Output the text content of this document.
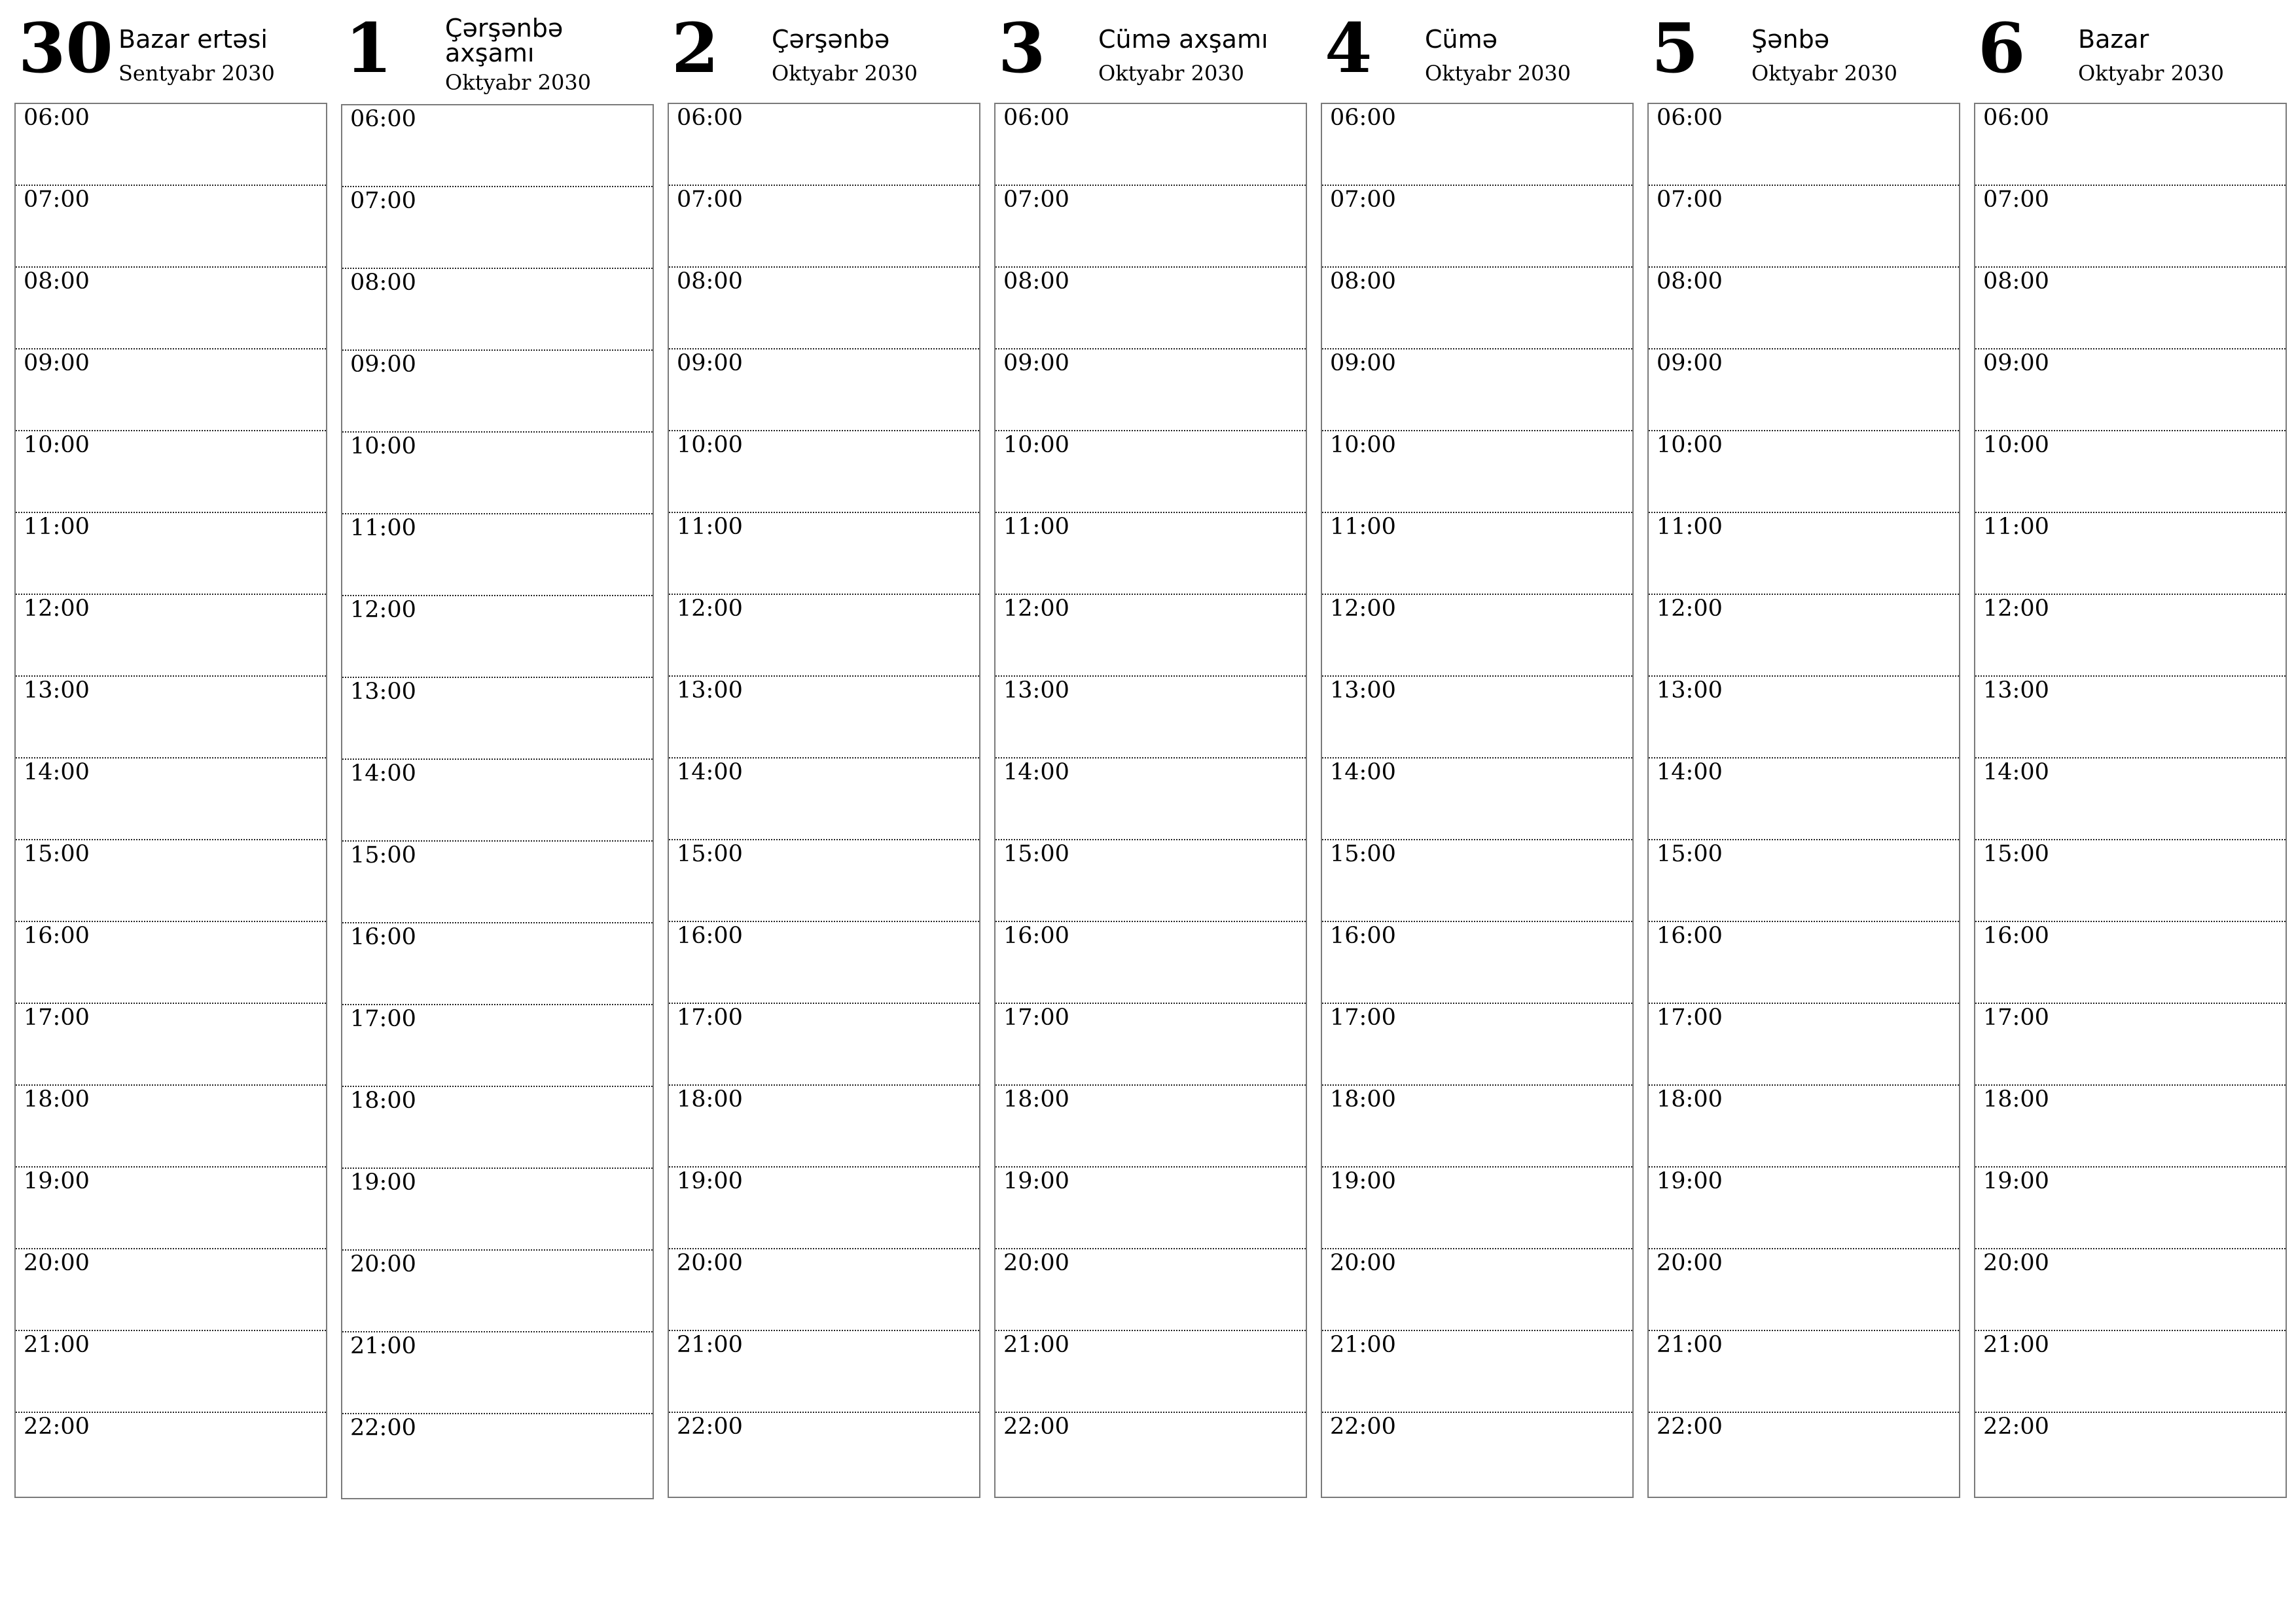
30 Bazar ertəsi
Sentyabr 2030
06:00
07:00
08:00
09:00
10:00
11:00
12:00
13:00
14:00
15:00
16:00
17:00
18:00
19:00
20:00
21:00
22:00
1 Çərşənbə axşamı
Oktyabr 2030
06:00
07:00
08:00
09:00
10:00
11:00
12:00
13:00
14:00
15:00
16:00
17:00
18:00
19:00
20:00
21:00
22:00
2 Çərşənbə
Oktyabr 2030
06:00
07:00
08:00
09:00
10:00
11:00
12:00
13:00
14:00
15:00
16:00
17:00
18:00
19:00
20:00
21:00
22:00
3 Cümə axşamı
Oktyabr 2030
06:00
07:00
08:00
09:00
10:00
11:00
12:00
13:00
14:00
15:00
16:00
17:00
18:00
19:00
20:00
21:00
22:00
4 Cümə
Oktyabr 2030
06:00
07:00
08:00
09:00
10:00
11:00
12:00
13:00
14:00
15:00
16:00
17:00
18:00
19:00
20:00
21:00
22:00
5 Şənbə
Oktyabr 2030
06:00
07:00
08:00
09:00
10:00
11:00
12:00
13:00
14:00
15:00
16:00
17:00
18:00
19:00
20:00
21:00
22:00
6 Bazar
Oktyabr 2030
06:00
07:00
08:00
09:00
10:00
11:00
12:00
13:00
14:00
15:00
16:00
17:00
18:00
19:00
20:00
21:00
22:00
